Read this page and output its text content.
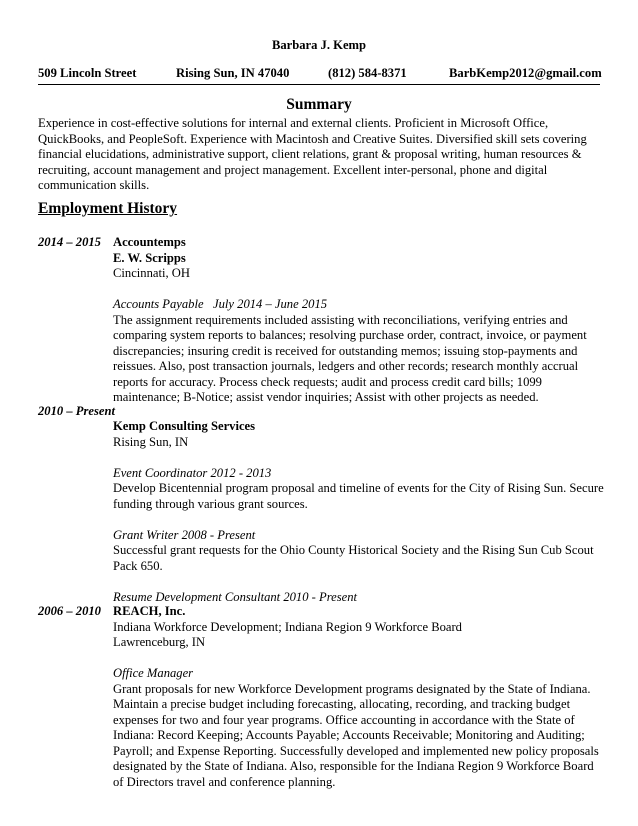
Barbara J. Kemp
509 Lincoln Street	Rising Sun, IN 47040	(812) 584-8371	BarbKemp2012@gmail.com
Summary
Experience in cost-effective solutions for internal and external clients. Proficient in Microsoft Office,
QuickBooks, and PeopleSoft. Experience with Macintosh and Creative Suites. Diversified skill sets covering
financial elucidations, administrative support, client relations, grant & proposal writing, human resources &
recruiting, account management and project management. Excellent inter-personal, phone and digital
communication skills.
Employment History
2014 – 2015 Accountemps
E. W. Scripps
Cincinnati, OH
Accounts Payable   July 2014 – June 2015
The assignment requirements included assisting with reconciliations, verifying entries and
comparing system reports to balances; resolving purchase order, contract, invoice, or payment
discrepancies; insuring credit is received for outstanding memos; issuing stop-payments and
reissues. Also, post transaction journals, ledgers and other records; research monthly accrual
reports for accuracy. Process check requests; audit and process credit card bills; 1099
maintenance; B-Notice; assist vendor inquiries; Assist with other projects as needed.
2010 – Present
Kemp Consulting Services
Rising Sun, IN
Event Coordinator 2012 - 2013
Develop Bicentennial program proposal and timeline of events for the City of Rising Sun. Secure
funding through various grant sources.
Grant Writer 2008 - Present
Successful grant requests for the Ohio County Historical Society and the Rising Sun Cub Scout
Pack 650.
Resume Development Consultant 2010 - Present
2006 – 2010 REACH, Inc.
Indiana Workforce Development; Indiana Region 9 Workforce Board
Lawrenceburg, IN
Office Manager
Grant proposals for new Workforce Development programs designated by the State of Indiana.
Maintain a precise budget including forecasting, allocating, recording, and tracking budget
expenses for two and four year programs. Office accounting in accordance with the State of
Indiana: Record Keeping; Accounts Payable; Accounts Receivable; Monitoring and Auditing;
Payroll; and Expense Reporting. Successfully developed and implemented new policy proposals
designated by the State of Indiana. Also, responsible for the Indiana Region 9 Workforce Board
of Directors travel and conference planning.
